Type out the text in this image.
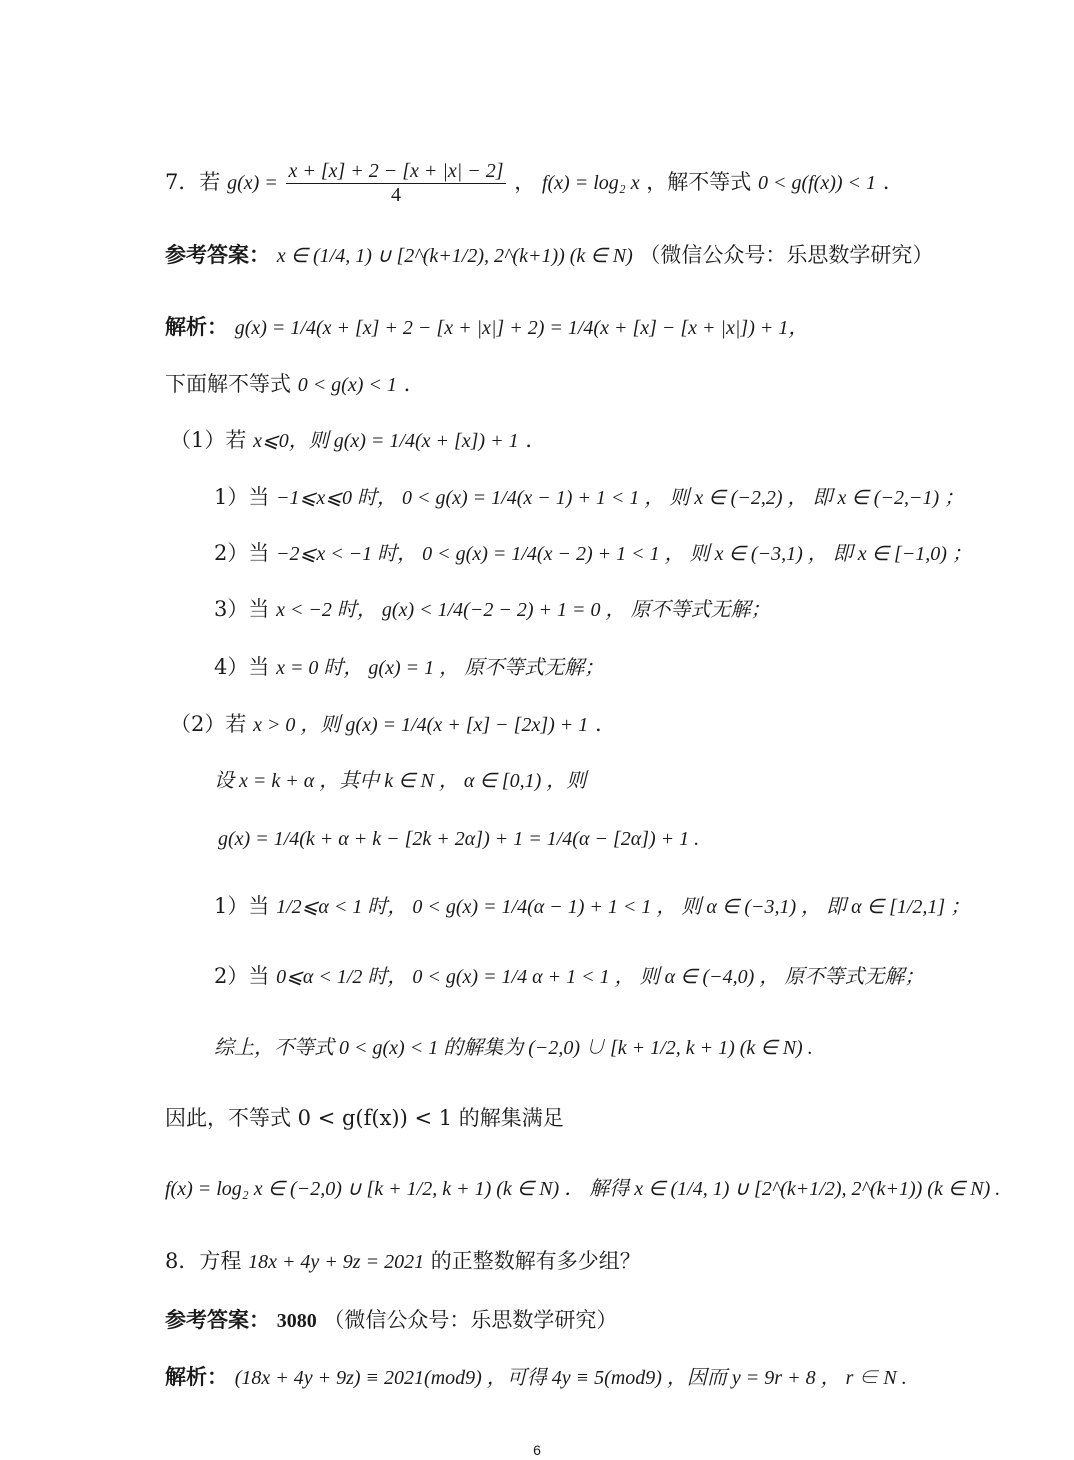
7．若 $g(x) = \frac{x + [x] + 2 - [x + |x| - 2]}{4}$ ， f(x) = log₂ x ，解不等式 0 < g(f(x)) < 1 .
参考答案： x ∈ (1/4, 1) ∪ [2^(k+1/2), 2^(k+1)) (k ∈ N) （微信公众号：乐思数学研究）
解析： g(x) = 1/4(x + [x] + 2 − [x + |x|] + 2) = 1/4(x + [x] − [x + |x|]) + 1，
下面解不等式 0 < g(x) < 1 .
（1）若 x⩽0，则 g(x) = 1/4(x + [x]) + 1 .
1）当 −1⩽x⩽0 时， 0 < g(x) = 1/4(x − 1) + 1 < 1 ， 则 x ∈ (−2,2) ， 即 x ∈ (−2,−1) ；
2）当 −2⩽x < −1 时， 0 < g(x) = 1/4(x − 2) + 1 < 1 ， 则 x ∈ (−3,1) ， 即 x ∈ [−1,0) ；
3）当 x < −2 时， g(x) < 1/4(−2 − 2) + 1 = 0 ， 原不等式无解；
4）当 x = 0 时， g(x) = 1 ， 原不等式无解；
（2）若 x > 0 ，则 g(x) = 1/4(x + [x] − [2x]) + 1 .
设 x = k + α ，其中 k ∈ N ， α ∈ [0,1) ，则
g(x) = 1/4(k + α + k − [2k + 2α]) + 1 = 1/4(α − [2α]) + 1 .
1）当 1/2⩽α < 1 时， 0 < g(x) = 1/4(α − 1) + 1 < 1 ， 则 α ∈ (−3,1) ， 即 α ∈ [1/2,1] ；
2）当 0⩽α < 1/2 时， 0 < g(x) = 1/4 α + 1 < 1 ， 则 α ∈ (−4,0) ， 原不等式无解；
综上，不等式 0 < g(x) < 1 的解集为 (−2,0) ∪ [k + 1/2, k + 1) (k ∈ N) .
因此，不等式 0 < g(f(x)) < 1 的解集满足
f(x) = log₂ x ∈ (−2,0) ∪ [k + 1/2, k + 1) (k ∈ N) ． 解得 x ∈ (1/4, 1) ∪ [2^(k+1/2), 2^(k+1)) (k ∈ N) .
8．方程 18x + 4y + 9z = 2021 的正整数解有多少组？
参考答案： 3080 （微信公众号：乐思数学研究）
解析： (18x + 4y + 9z) ≡ 2021(mod9) ，可得 4y ≡ 5(mod9) ，因而 y = 9r + 8 ， r ∈ N .
6
